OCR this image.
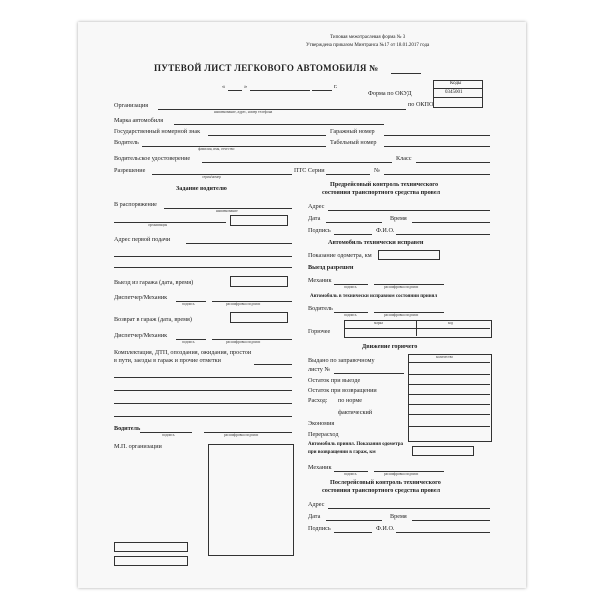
Типовая межотраслевая форма № 3
Утверждена приказом Минтранса №17 от 18.01.2017 года
ПУТЕВОЙ ЛИСТ ЛЕГКОВОГО АВТОМОБИЛЯ №
Коды
«	»	г.
Форма по ОКУД	0345001
Организация	по ОКПО
наименование, адрес, номер телефона
Марка автомобиля
Государственный номерной знак	Гаражный номер
Водитель	Табельный номер
фамилия, имя, отчество
Водительское удостоверение	Класс
Разрешение	ПТС Серии	№
серия/номер
Задание водителю
В распоряжение
наименование
организация
Адрес первой подачи
Выезд из гаража (дата, время)
Диспетчер/Механик
подпись	расшифровка подписи
Возврат в гараж (дата, время)
Диспетчер/Механик
подпись	расшифровка подписи
Комплектация, ДТП, опоздания, ожидания, простои
в пути, заезды в гараж и прочие отметки
Водитель
подпись	расшифровка подписи
М.П. организации
Предрейсовый контроль технического
состояния транспортного средства провел
Адрес
Дата	Время
Подпись	Ф.И.О.
Автомобиль технически исправен
Показание одометра, км
Выезд разрешен
Механик
подпись	расшифровка подписи
Автомобиль в технически исправном состоянии принял
Водитель
подпись	расшифровка подписи
Горючее
марка	код
Движение горючего
количество
Выдано по заправочному
листу №
Остаток при выезде
Остаток при возвращении
Расход: по норме
фактический
Экономия
Перерасход
Автомобиль принял. Показания одометра
при возвращении в гараж, км
Механик
подпись	расшифровка подписи
Послерейсовый контроль технического
состояния транспортного средства провел
Адрес
Дата	Время
Подпись	Ф.И.О.
